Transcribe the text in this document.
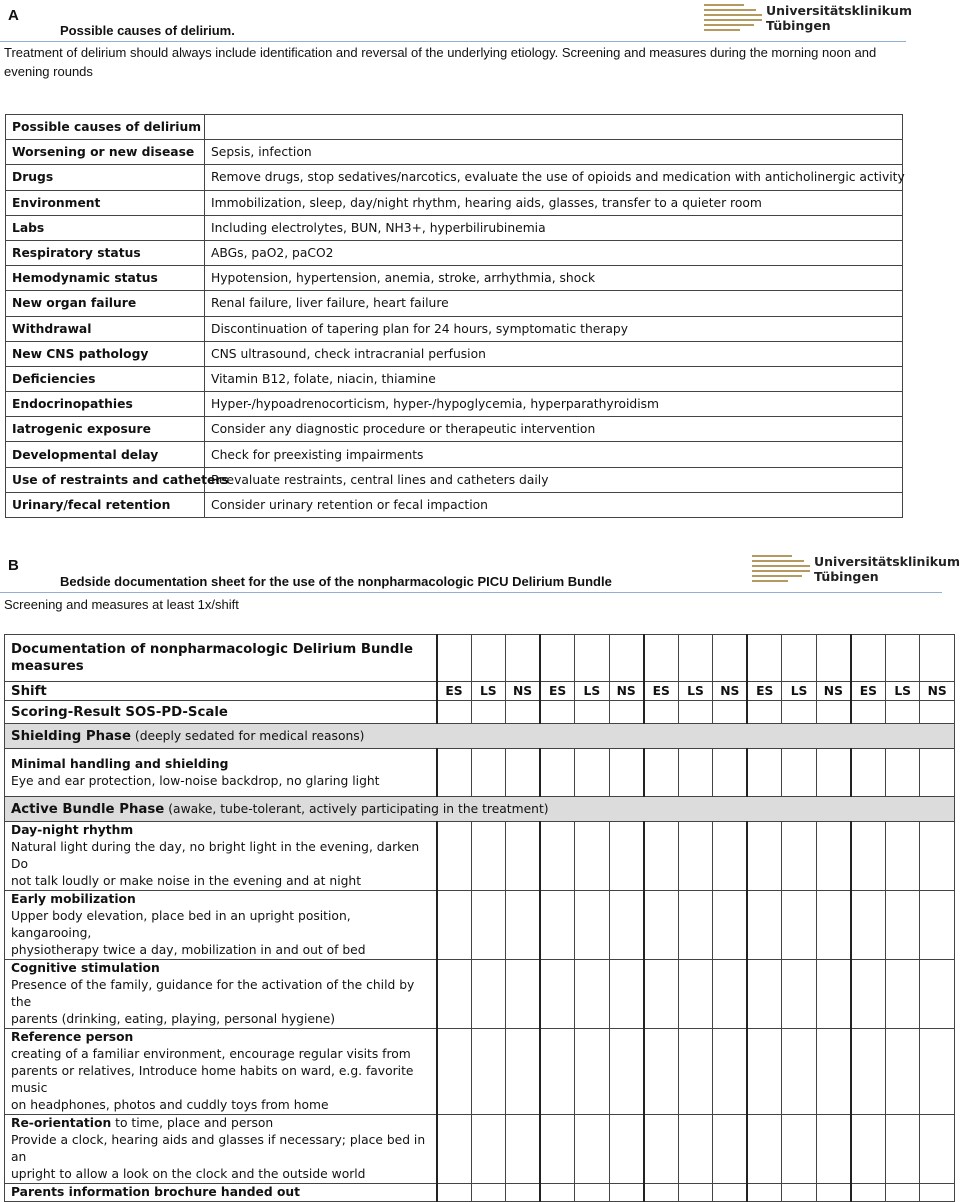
A
Possible causes of delirium.
Universitätsklinikum
Tübingen
Treatment of delirium should always include identification and reversal of the underlying etiology. Screening and measures during the morning noon and evening rounds
Possible causes of delirium	
Worsening or new disease	Sepsis, infection
Drugs	Remove drugs, stop sedatives/narcotics, evaluate the use of opioids and medication with anticholinergic activity
Environment	Immobilization, sleep, day/night rhythm, hearing aids, glasses, transfer to a quieter room
Labs	Including electrolytes, BUN, NH3+, hyperbilirubinemia
Respiratory status	ABGs, paO2, paCO2
Hemodynamic status	Hypotension, hypertension, anemia, stroke, arrhythmia, shock
New organ failure	Renal failure, liver failure, heart failure
Withdrawal	Discontinuation of tapering plan for 24 hours, symptomatic therapy
New CNS pathology	CNS ultrasound, check intracranial perfusion
Deficiencies	Vitamin B12, folate, niacin, thiamine
Endocrinopathies	Hyper-/hypoadrenocorticism, hyper-/hypoglycemia, hyperparathyroidism
Iatrogenic exposure	Consider any diagnostic procedure or therapeutic intervention
Developmental delay	Check for preexisting impairments
Use of restraints and catheters	Reevaluate restraints, central lines and catheters daily
Urinary/fecal retention	Consider urinary retention or fecal impaction
B
Bedside documentation sheet for the use of the nonpharmacologic PICU Delirium Bundle
Universitätsklinikum
Tübingen
Screening and measures at least 1x/shift
Documentation of nonpharmacologic Delirium Bundle measures															
Shift	ES	LS	NS	ES	LS	NS	ES	LS	NS	ES	LS	NS	ES	LS	NS
Scoring-Result SOS-PD-Scale															
Shielding Phase (deeply sedated for medical reasons)															

Minimal handling and shielding
Eye and ear protection, low-noise backdrop, no glaring light															

Active Bundle Phase (awake, tube-tolerant, actively participating in the treatment)															

Day-night rhythm
Natural light during the day, no bright light in the evening, darken Do
not talk loudly or make noise in the evening and at night															

Early mobilization
Upper body elevation, place bed in an upright position, kangarooing,
physiotherapy twice a day, mobilization in and out of bed															

Cognitive stimulation
Presence of the family, guidance for the activation of the child by the
parents (drinking, eating, playing, personal hygiene)															

Reference person
creating of a familiar environment, encourage regular visits from
parents or relatives, Introduce home habits on ward, e.g. favorite music
on headphones, photos and cuddly toys from home															

Re-orientation to time, place and person
Provide a clock, hearing aids and glasses if necessary; place bed in an
upright to allow a look on the clock and the outside world															

Parents information brochure handed out															
